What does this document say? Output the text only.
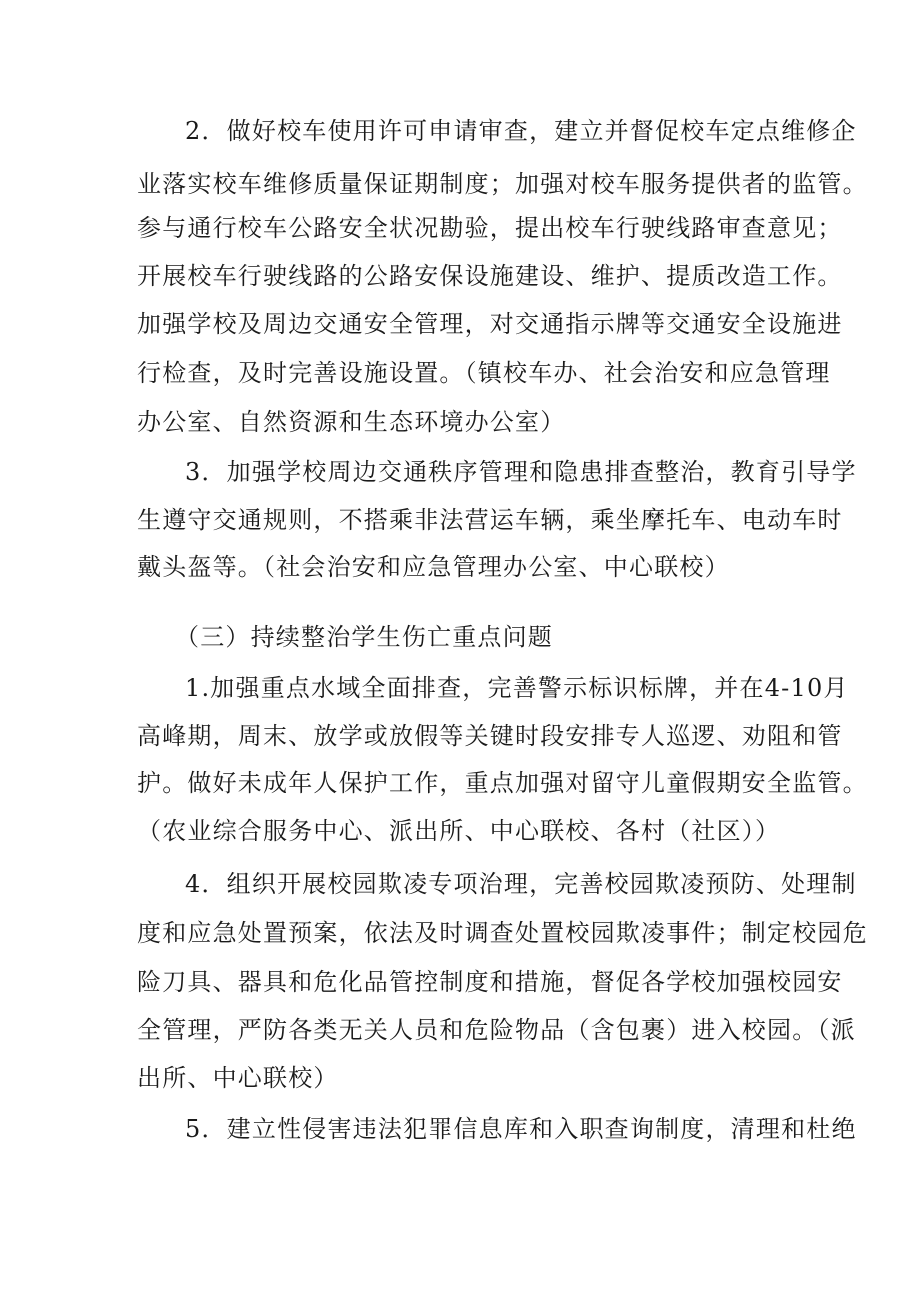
2．做好校车使用许可申请审查，建立并督促校车定点维修企
业落实校车维修质量保证期制度；加强对校车服务提供者的监管。
参与通行校车公路安全状况勘验，提出校车行驶线路审查意见；
开展校车行驶线路的公路安保设施建设、维护、提质改造工作。
加强学校及周边交通安全管理，对交通指示牌等交通安全设施进
行检查，及时完善设施设置。（镇校车办、社会治安和应急管理
办公室、自然资源和生态环境办公室）
3．加强学校周边交通秩序管理和隐患排查整治，教育引导学
生遵守交通规则，不搭乘非法营运车辆，乘坐摩托车、电动车时
戴头盔等。（社会治安和应急管理办公室、中心联校）
（三）持续整治学生伤亡重点问题
1.加强重点水域全面排查，完善警示标识标牌，并在4-10月
高峰期，周末、放学或放假等关键时段安排专人巡逻、劝阻和管
护。做好未成年人保护工作，重点加强对留守儿童假期安全监管。
（农业综合服务中心、派出所、中心联校、各村（社区））
4．组织开展校园欺凌专项治理，完善校园欺凌预防、处理制
度和应急处置预案，依法及时调查处置校园欺凌事件；制定校园危
险刀具、器具和危化品管控制度和措施，督促各学校加强校园安
全管理，严防各类无关人员和危险物品（含包裹）进入校园。（派
出所、中心联校）
5．建立性侵害违法犯罪信息库和入职查询制度，清理和杜绝
